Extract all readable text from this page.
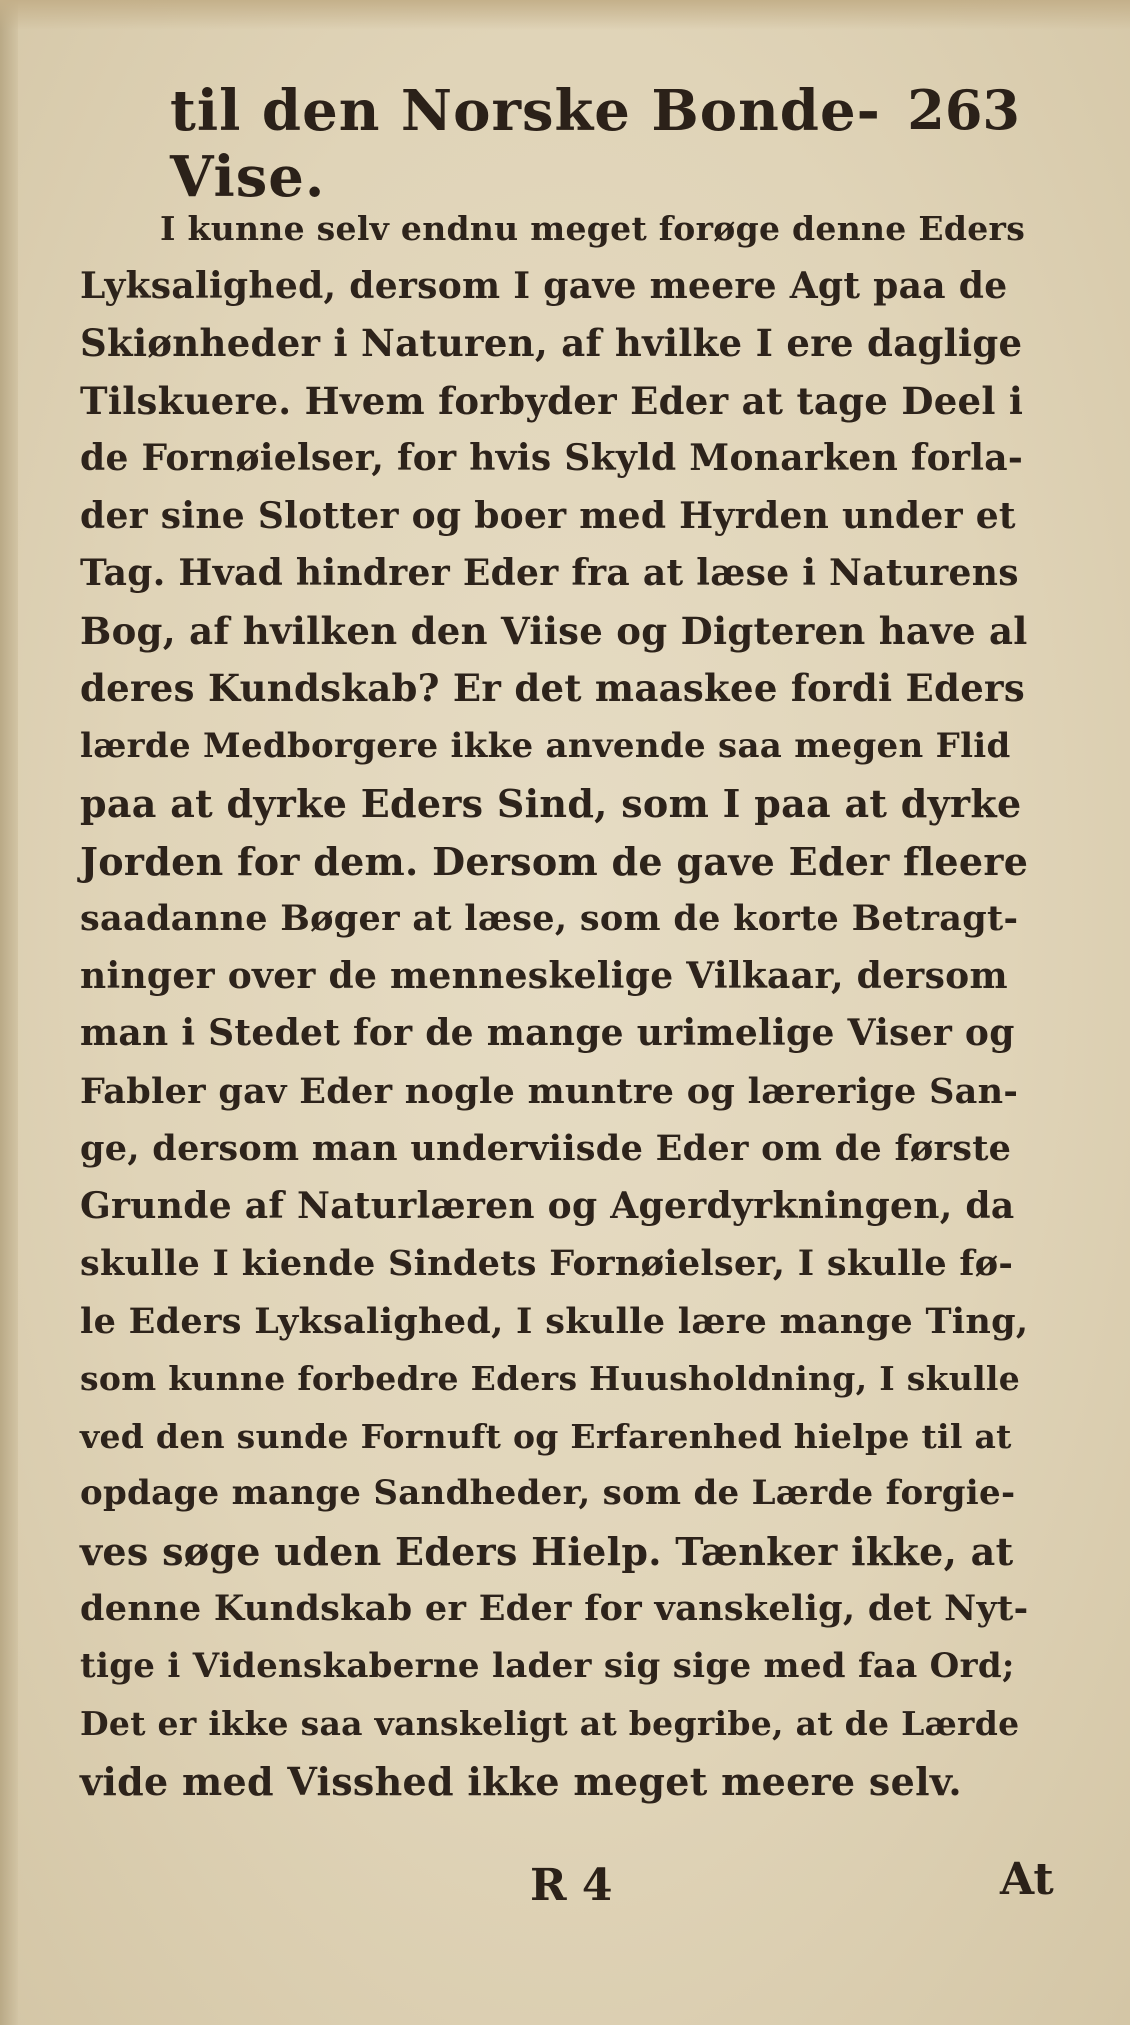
til den Norske Bonde-Vise.
263
I kunne selv endnu meget forøge denne Eders
Lyksalighed, dersom I gave meere Agt paa de
Skiønheder i Naturen, af hvilke I ere daglige
Tilskuere. Hvem forbyder Eder at tage Deel i
de Fornøielser, for hvis Skyld Monarken forla-
der sine Slotter og boer med Hyrden under et
Tag. Hvad hindrer Eder fra at læse i Naturens
Bog, af hvilken den Viise og Digteren have al
deres Kundskab? Er det maaskee fordi Eders
lærde Medborgere ikke anvende saa megen Flid
paa at dyrke Eders Sind, som I paa at dyrke
Jorden for dem. Dersom de gave Eder fleere
saadanne Bøger at læse, som de korte Betragt-
ninger over de menneskelige Vilkaar, dersom
man i Stedet for de mange urimelige Viser og
Fabler gav Eder nogle muntre og lærerige San-
ge, dersom man underviisde Eder om de første
Grunde af Naturlæren og Agerdyrkningen, da
skulle I kiende Sindets Fornøielser, I skulle fø-
le Eders Lyksalighed, I skulle lære mange Ting,
som kunne forbedre Eders Huusholdning, I skulle
ved den sunde Fornuft og Erfarenhed hielpe til at
opdage mange Sandheder, som de Lærde forgie-
ves søge uden Eders Hielp. Tænker ikke, at
denne Kundskab er Eder for vanskelig, det Nyt-
tige i Videnskaberne lader sig sige med faa Ord;
Det er ikke saa vanskeligt at begribe, at de Lærde
vide med Visshed ikke meget meere selv.
R 4	At
